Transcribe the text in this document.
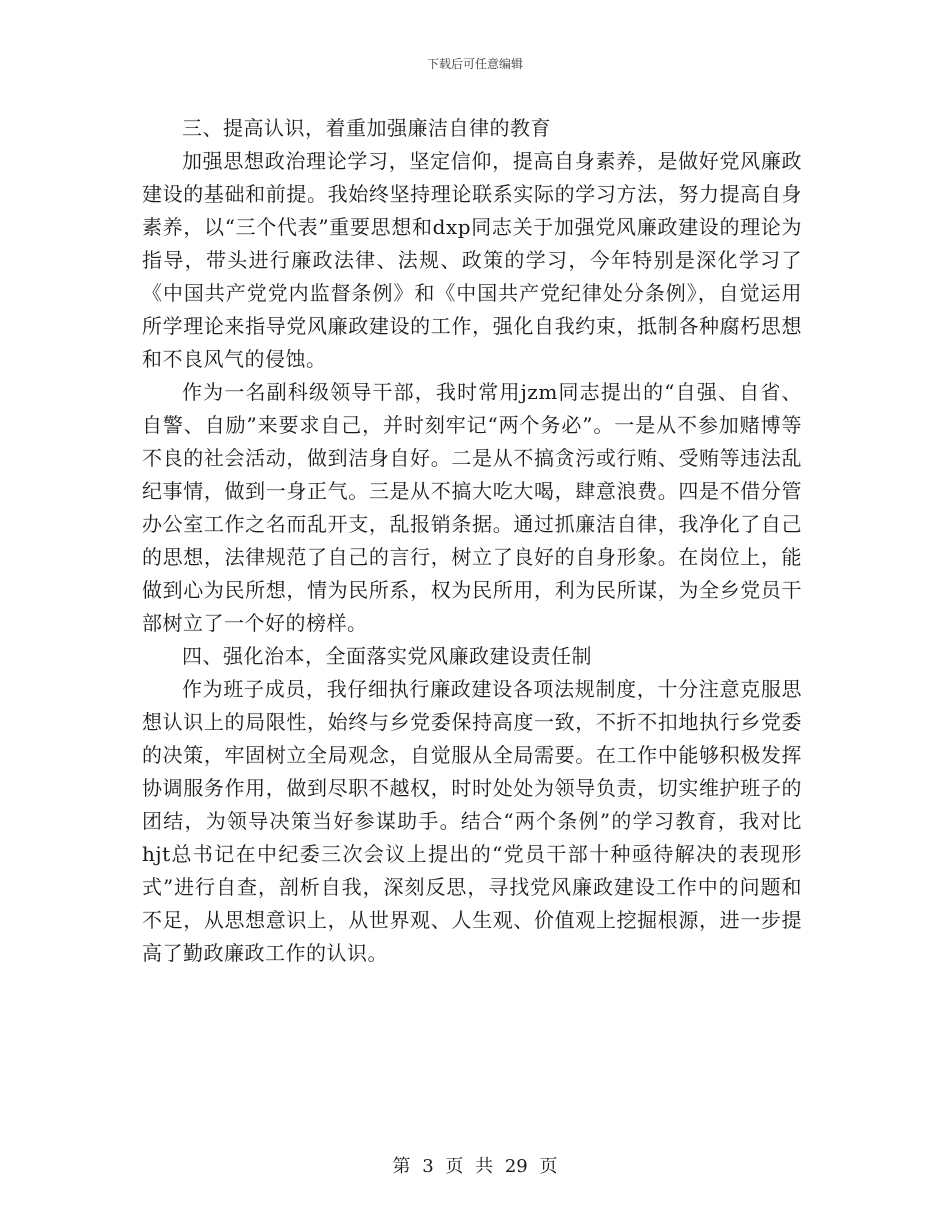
下载后可任意编辑

三、提高认识，着重加强廉洁自律的教育

加强思想政治理论学习，坚定信仰，提高自身素养，是做好党风廉政建设的基础和前提。我始终坚持理论联系实际的学习方法，努力提高自身素养，以“三个代表”重要思想和dxp同志关于加强党风廉政建设的理论为指导，带头进行廉政法律、法规、政策的学习，今年特别是深化学习了《中国共产党党内监督条例》和《中国共产党纪律处分条例》，自觉运用所学理论来指导党风廉政建设的工作，强化自我约束，抵制各种腐朽思想和不良风气的侵蚀。

作为一名副科级领导干部，我时常用jzm同志提出的“自强、自省、自警、自励”来要求自己，并时刻牢记“两个务必”。一是从不参加赌博等不良的社会活动，做到洁身自好。二是从不搞贪污或行贿、受贿等违法乱纪事情，做到一身正气。三是从不搞大吃大喝，肆意浪费。四是不借分管办公室工作之名而乱开支，乱报销条据。通过抓廉洁自律，我净化了自己的思想，法律规范了自己的言行，树立了良好的自身形象。在岗位上，能做到心为民所想，情为民所系，权为民所用，利为民所谋，为全乡党员干部树立了一个好的榜样。

四、强化治本，全面落实党风廉政建设责任制

作为班子成员，我仔细执行廉政建设各项法规制度，十分注意克服思想认识上的局限性，始终与乡党委保持高度一致，不折不扣地执行乡党委的决策，牢固树立全局观念，自觉服从全局需要。在工作中能够积极发挥协调服务作用，做到尽职不越权，时时处处为领导负责，切实维护班子的团结，为领导决策当好参谋助手。结合“两个条例”的学习教育，我对比hjt总书记在中纪委三次会议上提出的“党员干部十种亟待解决的表现形式”进行自查，剖析自我，深刻反思，寻找党风廉政建设工作中的问题和不足，从思想意识上，从世界观、人生观、价值观上挖掘根源，进一步提高了勤政廉政工作的认识。

第 3 页 共 29 页
